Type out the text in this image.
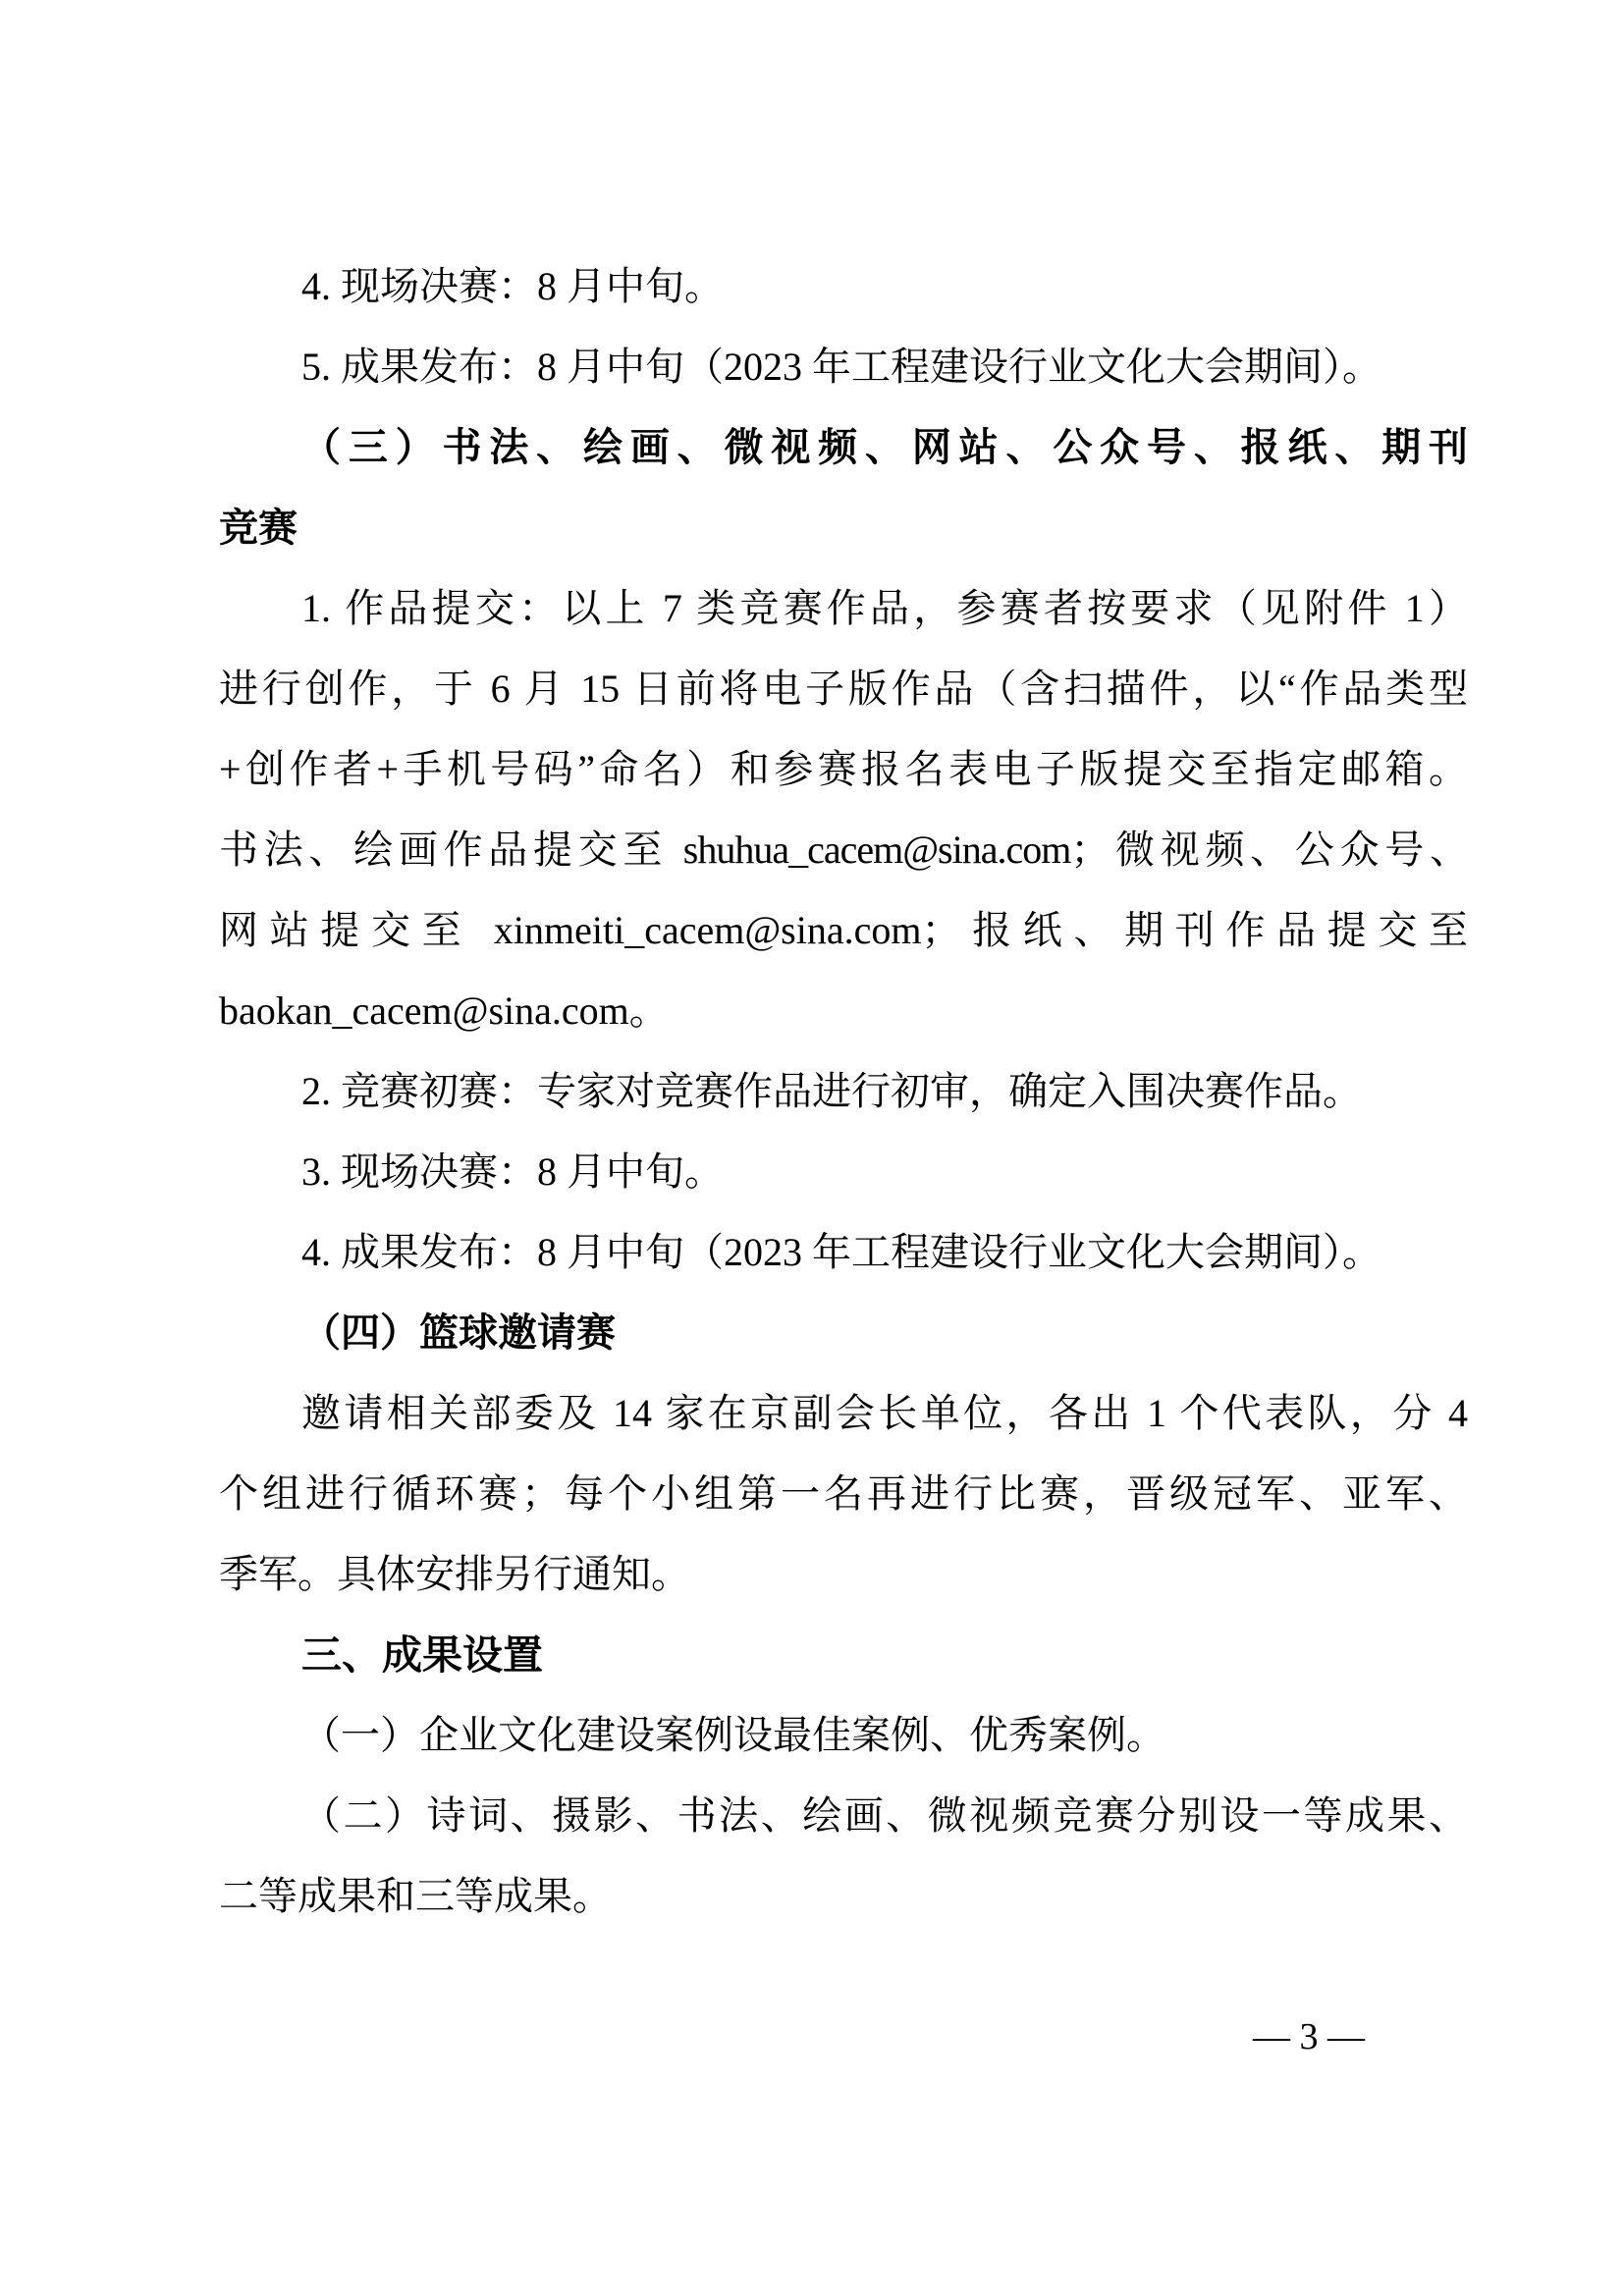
4. 现场决赛：8 月中旬。
5. 成果发布：8 月中旬（2023 年工程建设行业文化大会期间）。
（三）书法、绘画、微视频、网站、公众号、报纸、期刊
竞赛
1. 作品提交：以上 7 类竞赛作品，参赛者按要求（见附件 1）
进行创作，于 6 月 15 日前将电子版作品（含扫描件，以“作品类型
+创作者+手机号码”命名）和参赛报名表电子版提交至指定邮箱。
书法、绘画作品提交至 shuhua_cacem@sina.com；微视频、公众号、
网站提交至 xinmeiti_cacem@sina.com；报纸、期刊作品提交至
baokan_cacem@sina.com。
2. 竞赛初赛：专家对竞赛作品进行初审，确定入围决赛作品。
3. 现场决赛：8 月中旬。
4. 成果发布：8 月中旬（2023 年工程建设行业文化大会期间）。
（四）篮球邀请赛
邀请相关部委及 14 家在京副会长单位，各出 1 个代表队，分 4
个组进行循环赛；每个小组第一名再进行比赛，晋级冠军、亚军、
季军。具体安排另行通知。
三、成果设置
（一）企业文化建设案例设最佳案例、优秀案例。
（二）诗词、摄影、书法、绘画、微视频竞赛分别设一等成果、
二等成果和三等成果。
— 3 —
